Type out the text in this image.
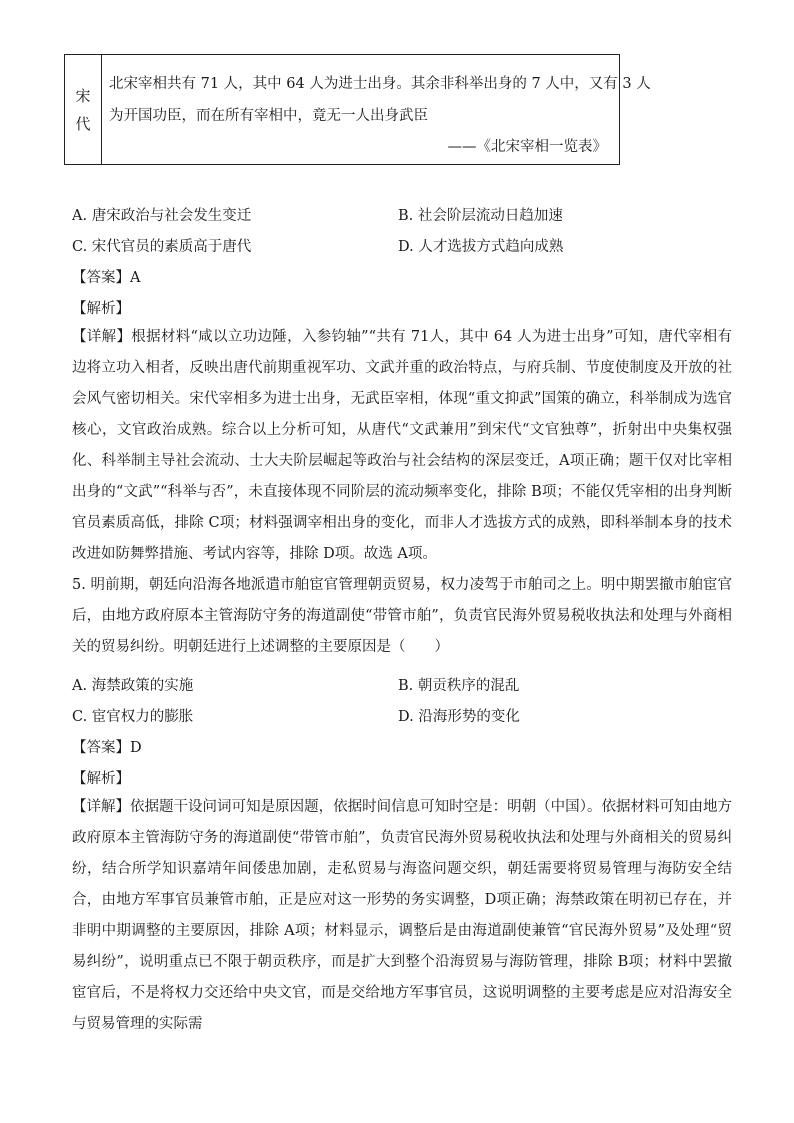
宋
代
北宋宰相共有 71 人，其中 64 人为进士出身。其余非科举出身的 7 人中，又有 3 人
为开国功臣，而在所有宰相中，竟无一人出身武臣
——《北宋宰相一览表》
A. 唐宋政治与社会发生变迁	B. 社会阶层流动日趋加速
C. 宋代官员的素质高于唐代	D. 人才选拔方式趋向成熟
【答案】A
【解析】
【详解】根据材料“咸以立功边陲，入参钧轴”“共有 71人，其中 64 人为进士出身”可知，唐代宰相有边将立功入相者，反映出唐代前期重视军功、文武并重的政治特点，与府兵制、节度使制度及开放的社会风气密切相关。宋代宰相多为进士出身，无武臣宰相，体现“重文抑武”国策的确立，科举制成为选官核心，文官政治成熟。综合以上分析可知，从唐代“文武兼用”到宋代“文官独尊”，折射出中央集权强化、科举制主导社会流动、士大夫阶层崛起等政治与社会结构的深层变迁，A项正确；题干仅对比宰相出身的“文武”“科举与否”，未直接体现不同阶层的流动频率变化，排除 B项；不能仅凭宰相的出身判断官员素质高低，排除 C项；材料强调宰相出身的变化，而非人才选拔方式的成熟，即科举制本身的技术改进如防舞弊措施、考试内容等，排除 D项。故选 A项。
5. 明前期，朝廷向沿海各地派遣市舶宦官管理朝贡贸易，权力凌驾于市舶司之上。明中期罢撤市舶宦官后，由地方政府原本主管海防守务的海道副使“带管市舶”，负责官民海外贸易税收执法和处理与外商相关的贸易纠纷。明朝廷进行上述调整的主要原因是（　　）
A. 海禁政策的实施	B. 朝贡秩序的混乱
C. 宦官权力的膨胀	D. 沿海形势的变化
【答案】D
【解析】
【详解】依据题干设问词可知是原因题，依据时间信息可知时空是：明朝（中国）。依据材料可知由地方政府原本主管海防守务的海道副使“带管市舶”，负责官民海外贸易税收执法和处理与外商相关的贸易纠纷，结合所学知识嘉靖年间倭患加剧，走私贸易与海盗问题交织，朝廷需要将贸易管理与海防安全结合，由地方军事官员兼管市舶，正是应对这一形势的务实调整，D项正确；海禁政策在明初已存在，并非明中期调整的主要原因，排除 A项；材料显示，调整后是由海道副使兼管“官民海外贸易”及处理“贸易纠纷”，说明重点已不限于朝贡秩序，而是扩大到整个沿海贸易与海防管理，排除 B项；材料中罢撤宦官后，不是将权力交还给中央文官，而是交给地方军事官员，这说明调整的主要考虑是应对沿海安全与贸易管理的实际需
